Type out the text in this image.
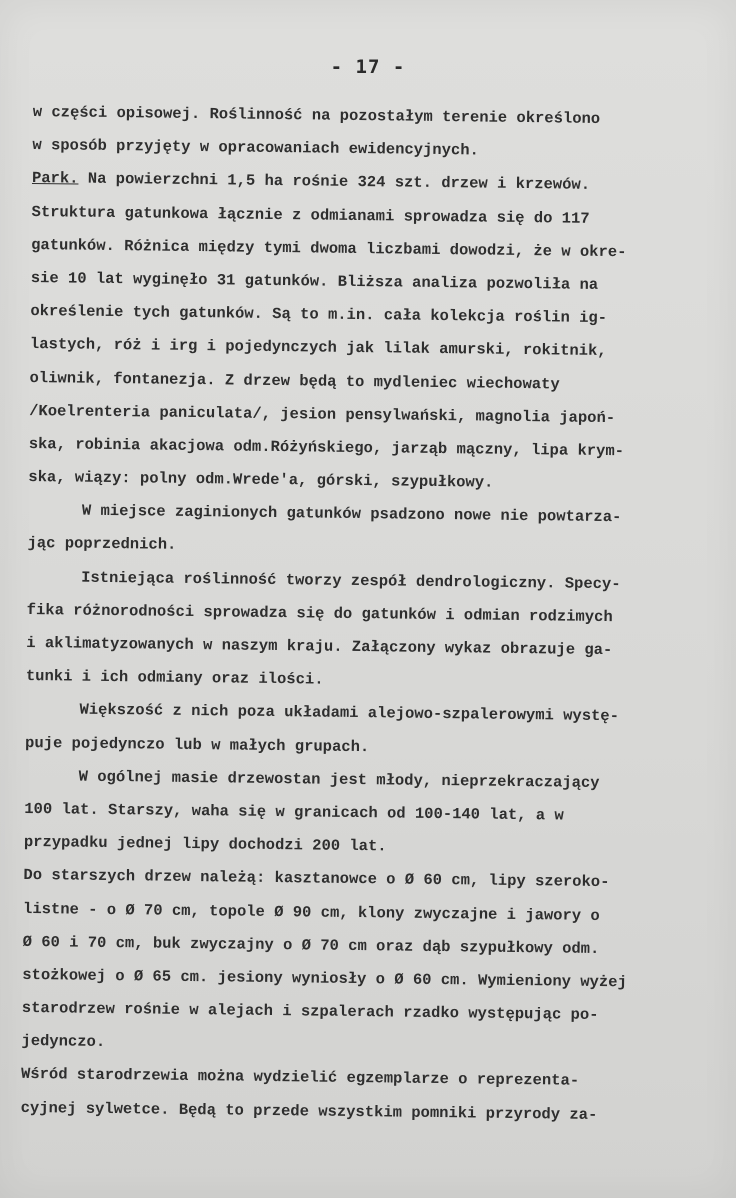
- 17 -
w części opisowej. Roślinność na pozostałym terenie określono
w sposób przyjęty w opracowaniach ewidencyjnych.
Park. Na powierzchni 1,5 ha rośnie 324 szt. drzew i krzewów.
Struktura gatunkowa łącznie z odmianami sprowadza się do 117
gatunków. Różnica między tymi dwoma liczbami dowodzi, że w okre-
sie 10 lat wyginęło 31 gatunków. Bliższa analiza pozwoliła na
określenie tych gatunków. Są to m.in. cała kolekcja roślin ig-
lastych, róż i irg i pojedynczych jak lilak amurski, rokitnik,
oliwnik, fontanezja. Z drzew będą to mydleniec wiechowaty
/Koelrenteria paniculata/, jesion pensylwański, magnolia japoń-
ska, robinia akacjowa odm.Różyńskiego, jarząb mączny, lipa krym-
ska, wiązy: polny odm.Wrede'a, górski, szypułkowy.
W miejsce zaginionych gatunków psadzono nowe nie powtarza-
jąc poprzednich.
Istniejąca roślinność tworzy zespół dendrologiczny. Specy-
fika różnorodności sprowadza się do gatunków i odmian rodzimych
i aklimatyzowanych w naszym kraju. Załączony wykaz obrazuje ga-
tunki i ich odmiany oraz ilości.
Większość z nich poza układami alejowo-szpalerowymi wystę-
puje pojedynczo lub w małych grupach.
W ogólnej masie drzewostan jest młody, nieprzekraczający
100 lat. Starszy, waha się w granicach od 100-140 lat, a w
przypadku jednej lipy dochodzi 200 lat.
Do starszych drzew należą: kasztanowce o Ø 60 cm, lipy szeroko-
listne - o Ø 70 cm, topole Ø 90 cm, klony zwyczajne i jawory o
Ø 60 i 70 cm, buk zwyczajny o Ø 70 cm oraz dąb szypułkowy odm.
stożkowej o Ø 65 cm. jesiony wyniosły o Ø 60 cm. Wymieniony wyżej
starodrzew rośnie w alejach i szpalerach rzadko występując po-
jedynczo.
Wśród starodrzewia można wydzielić egzemplarze o reprezenta-
cyjnej sylwetce. Będą to przede wszystkim pomniki przyrody za-
